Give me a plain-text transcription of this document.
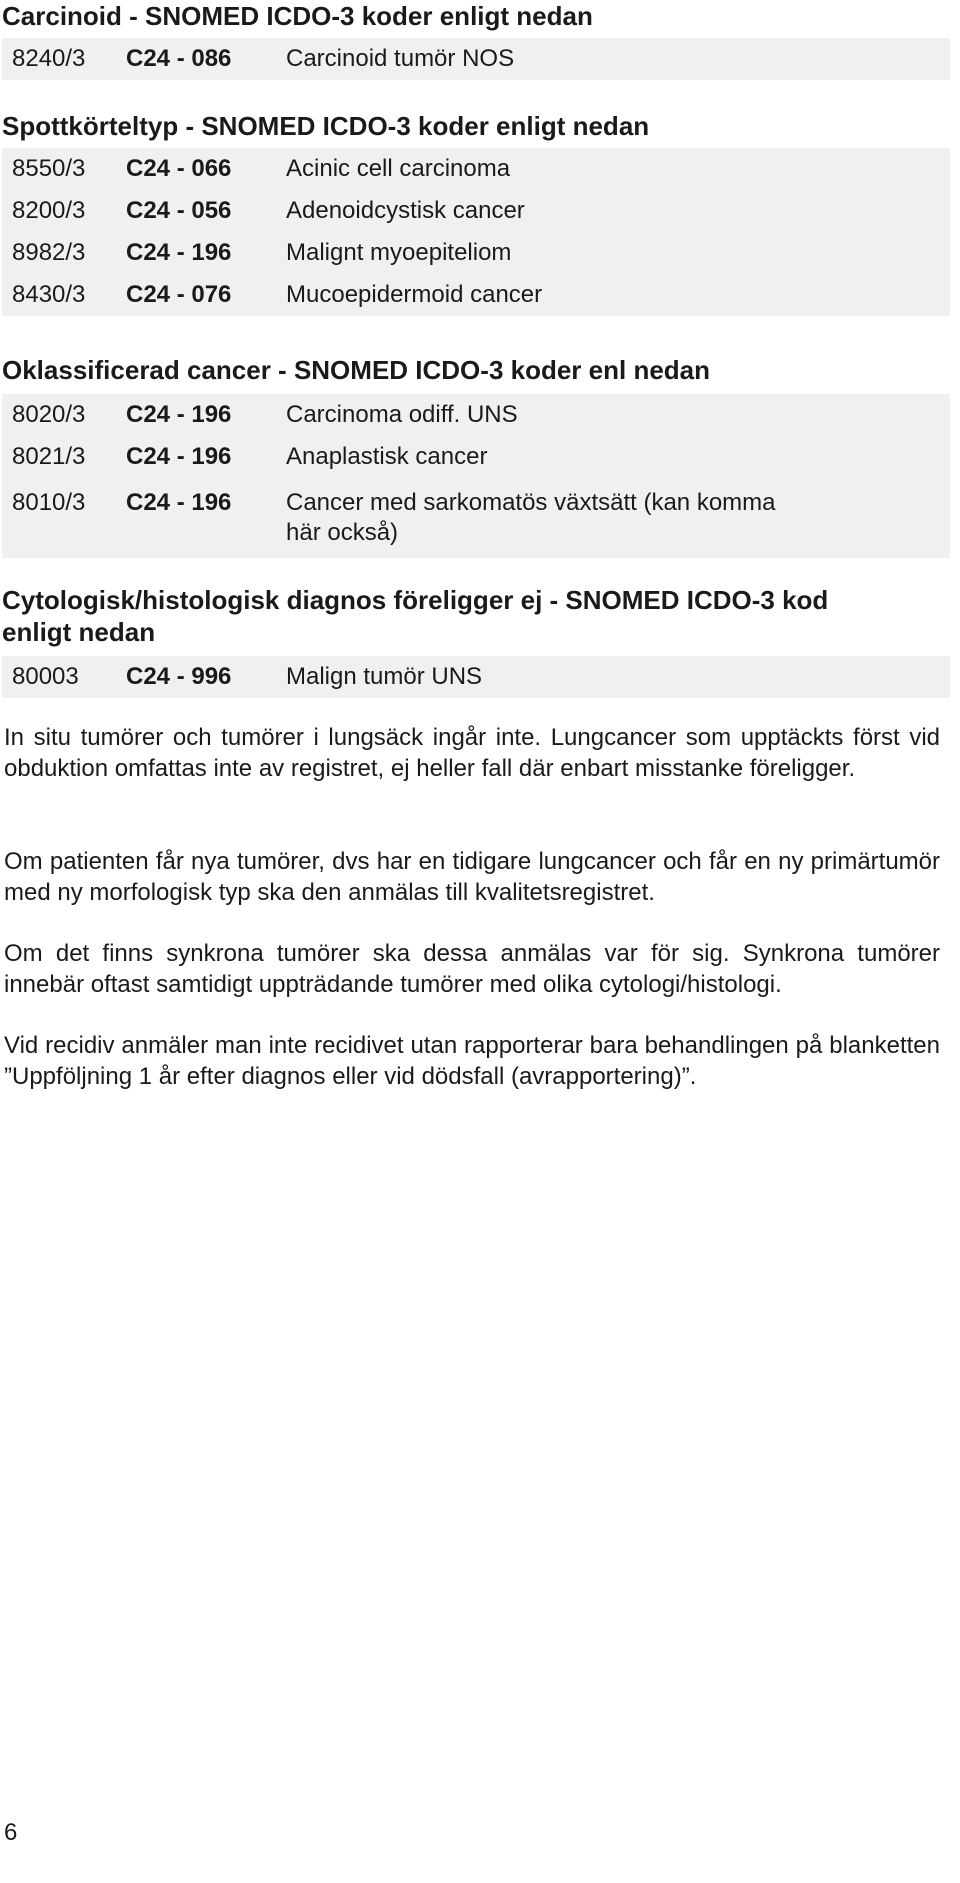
Carcinoid - SNOMED ICDO-3 koder enligt nedan
8240/3	C24 - 086	Carcinoid tumör NOS
Spottkörteltyp - SNOMED ICDO-3 koder enligt nedan
8550/3	C24 - 066	Acinic cell carcinoma
8200/3	C24 - 056	Adenoidcystisk cancer
8982/3	C24 - 196	Malignt myoepiteliom
8430/3	C24 - 076	Mucoepidermoid cancer
Oklassificerad cancer - SNOMED ICDO-3 koder enl nedan
8020/3	C24 - 196	Carcinoma odiff. UNS
8021/3	C24 - 196	Anaplastisk cancer
8010/3	C24 - 196	Cancer med sarkomatös växtsätt (kan komma här också)
Cytologisk/histologisk diagnos föreligger ej - SNOMED ICDO-3 kod enligt nedan
80003	C24 - 996	Malign tumör UNS

In situ tumörer och tumörer i lungsäck ingår inte. Lungcancer som upptäckts först vid obduktion omfattas inte av registret, ej heller fall där enbart misstanke föreligger.

Om patienten får nya tumörer, dvs har en tidigare lungcancer och får en ny primärtumör med ny morfologisk typ ska den anmälas till kvalitetsregistret.

Om det finns synkrona tumörer ska dessa anmälas var för sig. Synkrona tumörer innebär oftast samtidigt uppträdande tumörer med olika cytologi/histologi.

Vid recidiv anmäler man inte recidivet utan rapporterar bara behandlingen på blanketten ”Uppföljning 1 år efter diagnos eller vid dödsfall (avrapportering)”.

6
